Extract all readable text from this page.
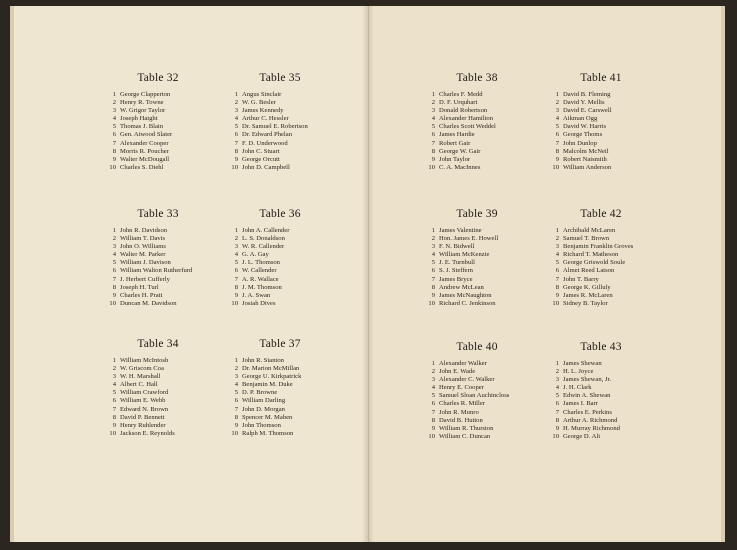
Table 32
1 George Clapperton
2 Henry R. Towne
3 W. Grigor Taylor
4 Joseph Haight
5 Thomas J. Blain
6 Gen. Atwood Slater
7 Alexander Cooper
8 Morris R. Poucher
9 Walter McDougall
10 Charles S. Diehl
Table 35
1 Angus Sinclair
2 W. G. Besler
3 James Kennedy
4 Arthur C. Hessler
5 Dr. Samuel E. Robertson
6 Dr. Edward Phelan
7 F. D. Underwood
8 John C. Stuart
9 George Orcutt
10 John D. Campbell
Table 38
1 Charles F. Medd
2 D. F. Urquhart
3 Donald Robertson
4 Alexander Hamilton
5 Charles Scott Weddel
6 James Hardie
7 Robert Gair
8 George W. Gair
9 John Taylor
10 C. A. MacInnes
Table 41
1 David B. Fleming
2 David Y. Mellis
3 David E. Carswell
4 Aikman Ogg
5 David W. Harris
6 George Thoms
7 John Dunlop
8 Malcolm McNeil
9 Robert Naismith
10 William Anderson
Table 33
1 John R. Davidson
2 William T. Davis
3 John O. Williams
4 Walter M. Parker
5 William J. Davison
6 William Walton Rutherfurd
7 J. Herbert Cufferly
8 Joseph H. Turl
9 Charles H. Pratt
10 Duncan M. Davidson
Table 36
1 John A. Callender
2 L. S. Donaldson
3 W. R. Callender
4 G. A. Gay
5 J. L. Thomson
6 W. Callender
7 A. R. Wallace
8 J. M. Thomson
9 J. A. Swan
10 Josiah Dives
Table 39
1 James Valentine
2 Hon. James E. Howell
3 F. N. Bidwell
4 William McKenzie
5 J. E. Turnbull
6 S. J. Steffern
7 James Bryce
8 Andrew McLean
9 James McNaughton
10 Richard C. Jenkinson
Table 42
1 Archibald McLaren
2 Samuel T. Brown
3 Benjamin Franklin Groves
4 Richard T. Matheson
5 George Griswold Soule
6 Almet Reed Latson
7 John T. Barry
8 George K. Gilluly
9 James R. McLaren
10 Sidney B. Taylor
Table 34
1 William McIntosh
2 W. Griscom Coa
3 W. H. Marshall
4 Albert C. Hall
5 William Crawford
6 William E. Webb
7 Edward N. Brown
8 David P. Bennett
9 Henry Ruhlender
10 Jackson E. Reynolds
Table 37
1 John R. Stanton
2 Dr. Marion McMillan
3 George U. Kirkpatrick
4 Benjamin M. Duke
5 D. P. Browne
6 William Darling
7 John D. Morgan
8 Spencer M. Maben
9 John Thomson
10 Ralph M. Thomson
Table 40
1 Alexander Walker
2 John E. Wade
3 Alexander C. Walker
4 Henry E. Cooper
5 Samuel Sloan Auchincloss
6 Charles R. Miller
7 John R. Munro
8 David B. Hutton
9 William R. Thurston
10 William C. Duncan
Table 43
1 James Shewan
2 H. L. Joyce
3 James Shewan, Jr.
4 J. H. Clark
5 Edwin A. Shewan
6 James I. Barr
7 Charles E. Perkins
8 Arthur A. Richmond
9 H. Murray Richmond
10 George D. Ali
